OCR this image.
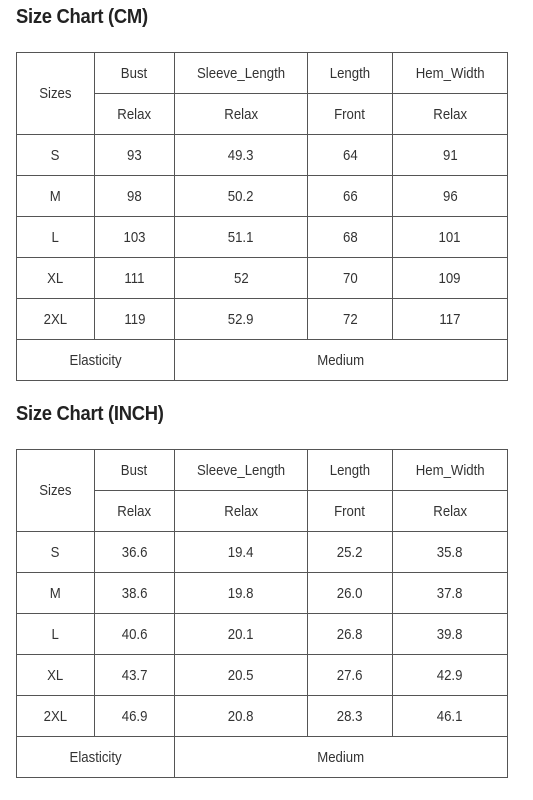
Size Chart (CM)
Sizes	Bust	Sleeve_Length	Length	Hem_Width
	Relax	Relax	Front	Relax
S	93	49.3	64	91
M	98	50.2	66	96
L	103	51.1	68	101
XL	111	52	70	109
2XL	119	52.9	72	117
Elasticity		Medium		
Size Chart (INCH)
Sizes	Bust	Sleeve_Length	Length	Hem_Width
	Relax	Relax	Front	Relax
S	36.6	19.4	25.2	35.8
M	38.6	19.8	26.0	37.8
L	40.6	20.1	26.8	39.8
XL	43.7	20.5	27.6	42.9
2XL	46.9	20.8	28.3	46.1
Elasticity		Medium		
